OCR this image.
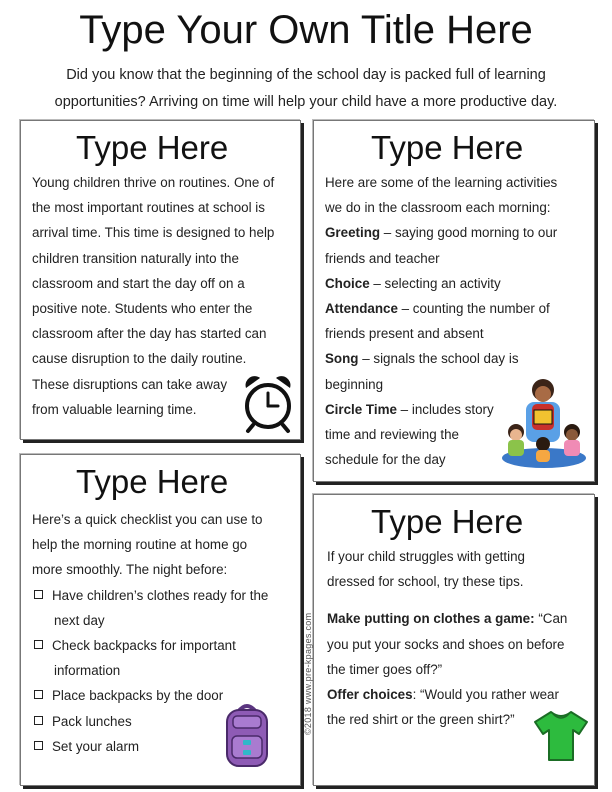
Type Your Own Title Here
Did you know that the beginning of the school day is packed full of learning
opportunities? Arriving on time will help your child have a more productive day.
Type Here
Young children thrive on routines. One of
the most important routines at school is
arrival time. This time is designed to help
children transition naturally into the
classroom and start the day off on a
positive note. Students who enter the
classroom after the day has started can
cause disruption to the daily routine.
These disruptions can take away
from valuable learning time.
Type Here
Here are some of the learning activities
we do in the classroom each morning:
Greeting – saying good morning to our
friends and teacher
Choice – selecting an activity
Attendance – counting the number of
friends present and absent
Song – signals the school day is
beginning
Circle Time – includes story
time and reviewing the
schedule for the day
Type Here
Here’s a quick checklist you can use to
help the morning routine at home go
more smoothly. The night before:
Have children’s clothes ready for the
next day
Check backpacks for important
information
Place backpacks by the door
Pack lunches
Set your alarm
©2018 www.pre-kpages.com
Type Here
If your child struggles with getting
dressed for school, try these tips.
Make putting on clothes a game: “Can
you put your socks and shoes on before
the timer goes off?”
Offer choices: “Would you rather wear
the red shirt or the green shirt?”
